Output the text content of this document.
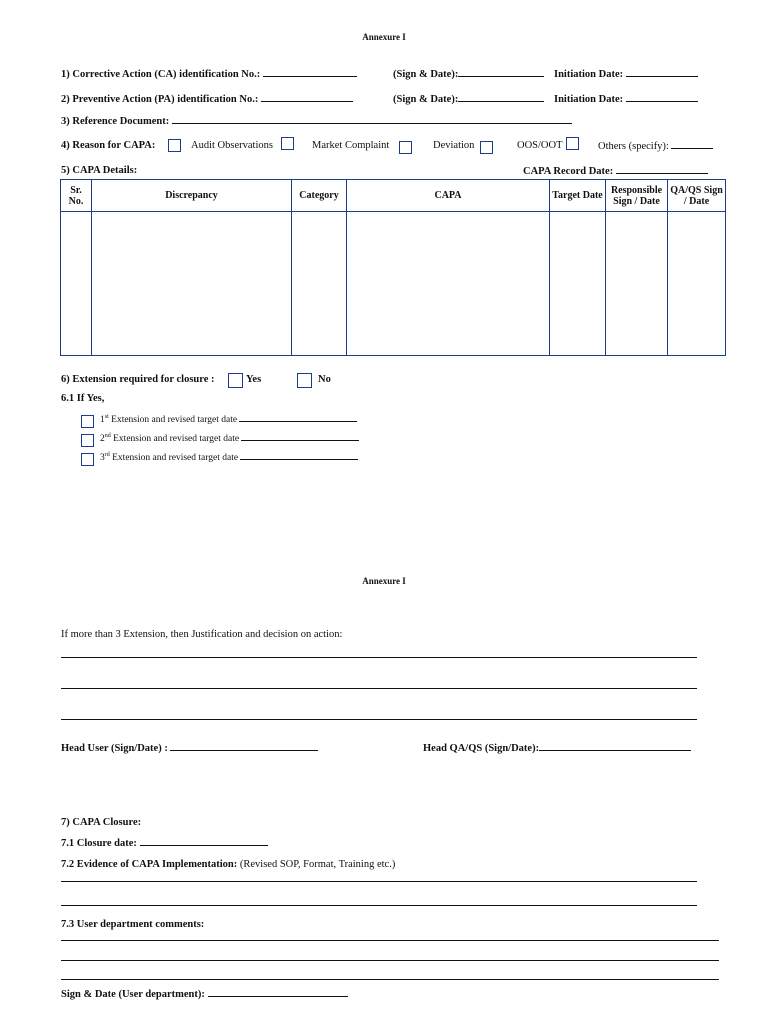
Annexure I
1) Corrective Action (CA) identification No.:	(Sign & Date):	Initiation Date:
2) Preventive Action (PA) identification No.:	(Sign & Date):	Initiation Date:
3) Reference Document:
4) Reason for CAPA:	Audit Observations	Market Complaint	Deviation	OOS/OOT	Others (specify):
5) CAPA Details:	CAPA Record Date:
Sr. No.	Discrepancy	Category	CAPA	Target Date	Responsible Sign / Date	QA/QS Sign / Date

6) Extension required for closure :	Yes	No
6.1 If Yes,
1st Extension and revised target date
2nd Extension and revised target date
3rd Extension and revised target date
Annexure I
If more than 3 Extension, then Justification and decision on action:
Head User (Sign/Date) :	Head QA/QS (Sign/Date):
7) CAPA Closure:
7.1 Closure date:
7.2 Evidence of CAPA Implementation: (Revised SOP, Format, Training etc.)
7.3 User department comments:
Sign & Date (User department):
